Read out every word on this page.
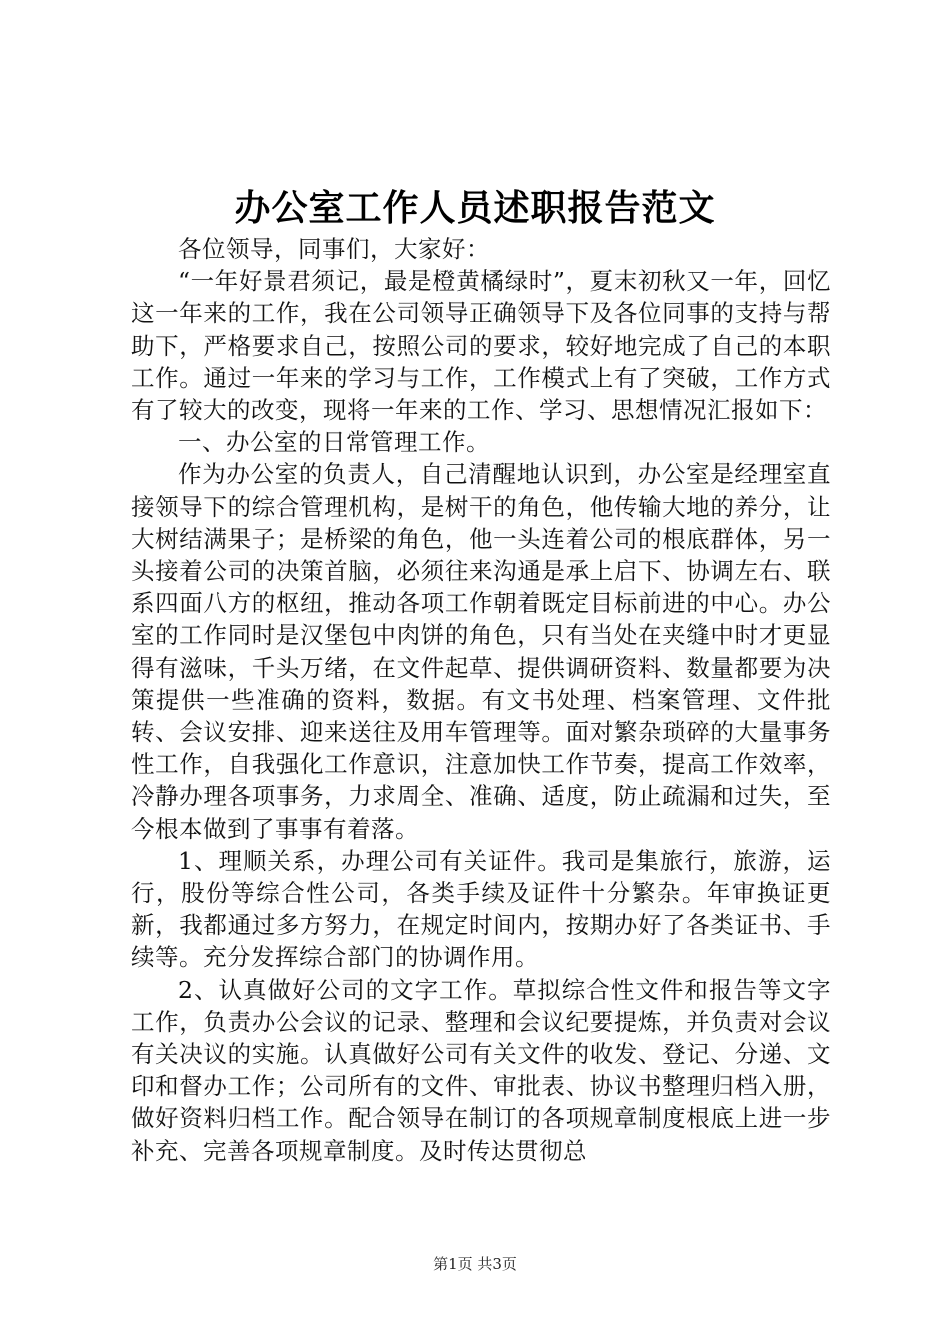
办公室工作人员述职报告范文

各位领导，同事们，大家好：

“一年好景君须记，最是橙黄橘绿时”，夏末初秋又一年，回忆这一年来的工作，我在公司领导正确领导下及各位同事的支持与帮助下，严格要求自己，按照公司的要求，较好地完成了自己的本职工作。通过一年来的学习与工作，工作模式上有了突破，工作方式有了较大的改变，现将一年来的工作、学习、思想情况汇报如下：

一、办公室的日常管理工作。

作为办公室的负责人，自己清醒地认识到，办公室是经理室直接领导下的综合管理机构，是树干的角色，他传输大地的养分，让大树结满果子；是桥梁的角色，他一头连着公司的根底群体，另一头接着公司的决策首脑，必须往来沟通是承上启下、协调左右、联系四面八方的枢纽，推动各项工作朝着既定目标前进的中心。办公室的工作同时是汉堡包中肉饼的角色，只有当处在夹缝中时才更显得有滋味，千头万绪，在文件起草、提供调研资料、数量都要为决策提供一些准确的资料，数据。有文书处理、档案管理、文件批转、会议安排、迎来送往及用车管理等。面对繁杂琐碎的大量事务性工作，自我强化工作意识，注意加快工作节奏，提高工作效率，冷静办理各项事务，力求周全、准确、适度，防止疏漏和过失，至今根本做到了事事有着落。

1、理顺关系，办理公司有关证件。我司是集旅行，旅游，运行，股份等综合性公司，各类手续及证件十分繁杂。年审换证更新，我都通过多方努力，在规定时间内，按期办好了各类证书、手续等。充分发挥综合部门的协调作用。

2、认真做好公司的文字工作。草拟综合性文件和报告等文字工作，负责办公会议的记录、整理和会议纪要提炼，并负责对会议有关决议的实施。认真做好公司有关文件的收发、登记、分递、文印和督办工作；公司所有的文件、审批表、协议书整理归档入册，做好资料归档工作。配合领导在制订的各项规章制度根底上进一步补充、完善各项规章制度。及时传达贯彻总

第1页 共3页
